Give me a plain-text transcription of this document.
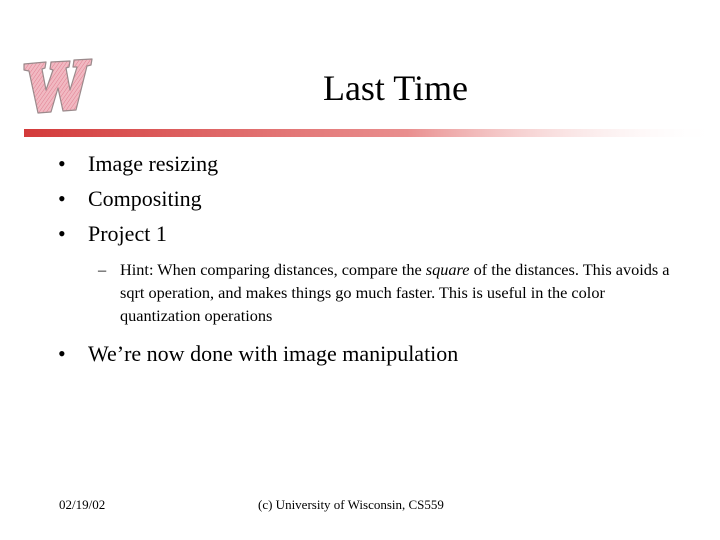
Last Time
• Image resizing
• Compositing
• Project 1
– Hint: When comparing distances, compare the square of the distances. This avoids a sqrt operation, and makes things go much faster. This is useful in the color quantization operations
• We’re now done with image manipulation
02/19/02	(c) University of Wisconsin, CS559
